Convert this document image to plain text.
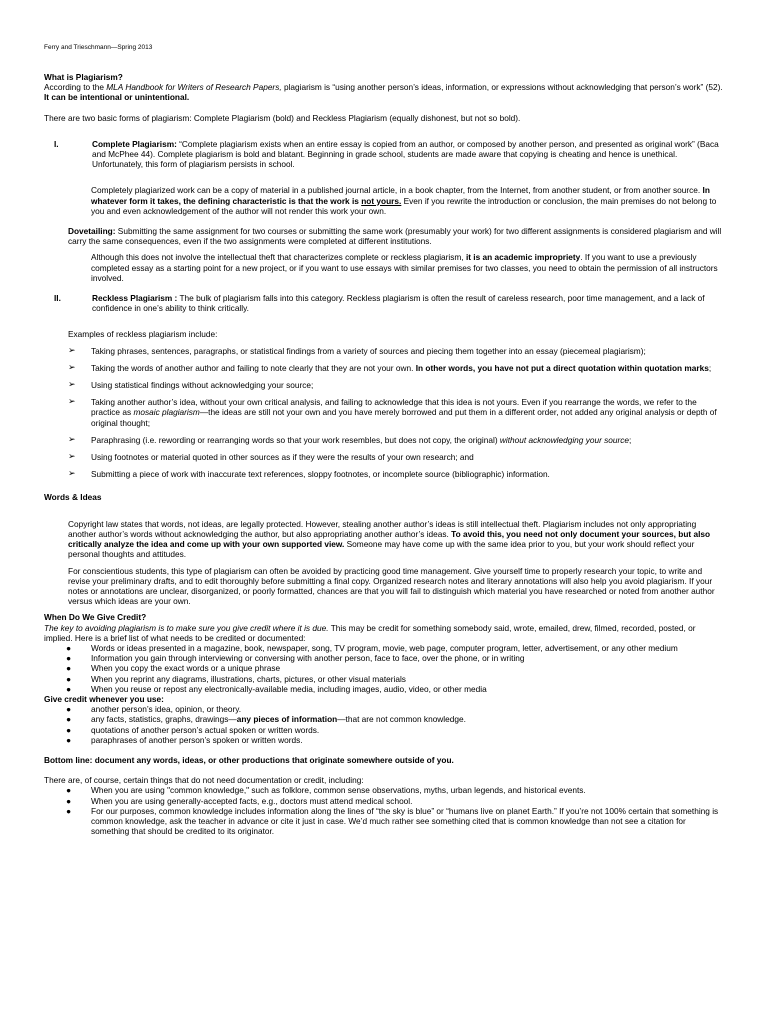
Ferry and Trieschmann—Spring 2013

What is Plagiarism?

According to the MLA Handbook for Writers of Research Papers, plagiarism is “using another person’s ideas, information, or expressions without acknowledging that person’s work” (52). It can be intentional or unintentional.

There are two basic forms of plagiarism: Complete Plagiarism (bold) and Reckless Plagiarism (equally dishonest, but not so bold).

I.	Complete Plagiarism: “Complete plagiarism exists when an entire essay is copied from an author, or composed by another person, and presented as original work” (Baca and McPhee 44). Complete plagiarism is bold and blatant. Beginning in grade school, students are made aware that copying is cheating and hence is unethical. Unfortunately, this form of plagiarism persists in school.

Completely plagiarized work can be a copy of material in a published journal article, in a book chapter, from the Internet, from another student, or from another source. In whatever form it takes, the defining characteristic is that the work is not yours. Even if you rewrite the introduction or conclusion, the main premises do not belong to you and even acknowledgement of the author will not render this work your own.

Dovetailing: Submitting the same assignment for two courses or submitting the same work (presumably your work) for two different assignments is considered plagiarism and will carry the same consequences, even if the two assignments were completed at different institutions.

Although this does not involve the intellectual theft that characterizes complete or reckless plagiarism, it is an academic impropriety. If you want to use a previously completed essay as a starting point for a new project, or if you want to use essays with similar premises for two classes, you need to obtain the permission of all instructors involved.

II.	Reckless Plagiarism : The bulk of plagiarism falls into this category. Reckless plagiarism is often the result of careless research, poor time management, and a lack of confidence in one’s ability to think critically.

Examples of reckless plagiarism include:

➢ Taking phrases, sentences, paragraphs, or statistical findings from a variety of sources and piecing them together into an essay (piecemeal plagiarism);
➢ Taking the words of another author and failing to note clearly that they are not your own. In other words, you have not put a direct quotation within quotation marks;
➢ Using statistical findings without acknowledging your source;
➢ Taking another author’s idea, without your own critical analysis, and failing to acknowledge that this idea is not yours. Even if you rearrange the words, we refer to the practice as mosaic plagiarism—the ideas are still not your own and you have merely borrowed and put them in a different order, not added any original analysis or depth of original thought;
➢ Paraphrasing (i.e. rewording or rearranging words so that your work resembles, but does not copy, the original) without acknowledging your source;
➢ Using footnotes or material quoted in other sources as if they were the results of your own research; and
➢ Submitting a piece of work with inaccurate text references, sloppy footnotes, or incomplete source (bibliographic) information.

Words & Ideas

Copyright law states that words, not ideas, are legally protected. However, stealing another author’s ideas is still intellectual theft. Plagiarism includes not only appropriating another author’s words without acknowledging the author, but also appropriating another author’s ideas. To avoid this, you need not only document your sources, but also critically analyze the idea and come up with your own supported view. Someone may have come up with the same idea prior to you, but your work should reflect your personal thoughts and attitudes.

For conscientious students, this type of plagiarism can often be avoided by practicing good time management. Give yourself time to properly research your topic, to write and revise your preliminary drafts, and to edit thoroughly before submitting a final copy. Organized research notes and literary annotations will also help you avoid plagiarism. If your notes or annotations are unclear, disorganized, or poorly formatted, chances are that you will fail to distinguish which material you have researched or noted from another author versus which ideas are your own.

When Do We Give Credit?

The key to avoiding plagiarism is to make sure you give credit where it is due. This may be credit for something somebody said, wrote, emailed, drew, filmed, recorded, posted, or implied. Here is a brief list of what needs to be credited or documented:

● Words or ideas presented in a magazine, book, newspaper, song, TV program, movie, web page, computer program, letter, advertisement, or any other medium
● Information you gain through interviewing or conversing with another person, face to face, over the phone, or in writing
● When you copy the exact words or a unique phrase
● When you reprint any diagrams, illustrations, charts, pictures, or other visual materials
● When you reuse or repost any electronically-available media, including images, audio, video, or other media

Give credit whenever you use:

● another person’s idea, opinion, or theory.
● any facts, statistics, graphs, drawings—any pieces of information—that are not common knowledge.
● quotations of another person’s actual spoken or written words.
● paraphrases of another person’s spoken or written words.

Bottom line: document any words, ideas, or other productions that originate somewhere outside of you.

There are, of course, certain things that do not need documentation or credit, including:

● When you are using "common knowledge," such as folklore, common sense observations, myths, urban legends, and historical events.
● When you are using generally-accepted facts, e.g., doctors must attend medical school.
● For our purposes, common knowledge includes information along the lines of “the sky is blue” or “humans live on planet Earth.” If you’re not 100% certain that something is common knowledge, ask the teacher in advance or cite it just in case. We’d much rather see something cited that is common knowledge than not see a citation for something that should be credited to its originator.
